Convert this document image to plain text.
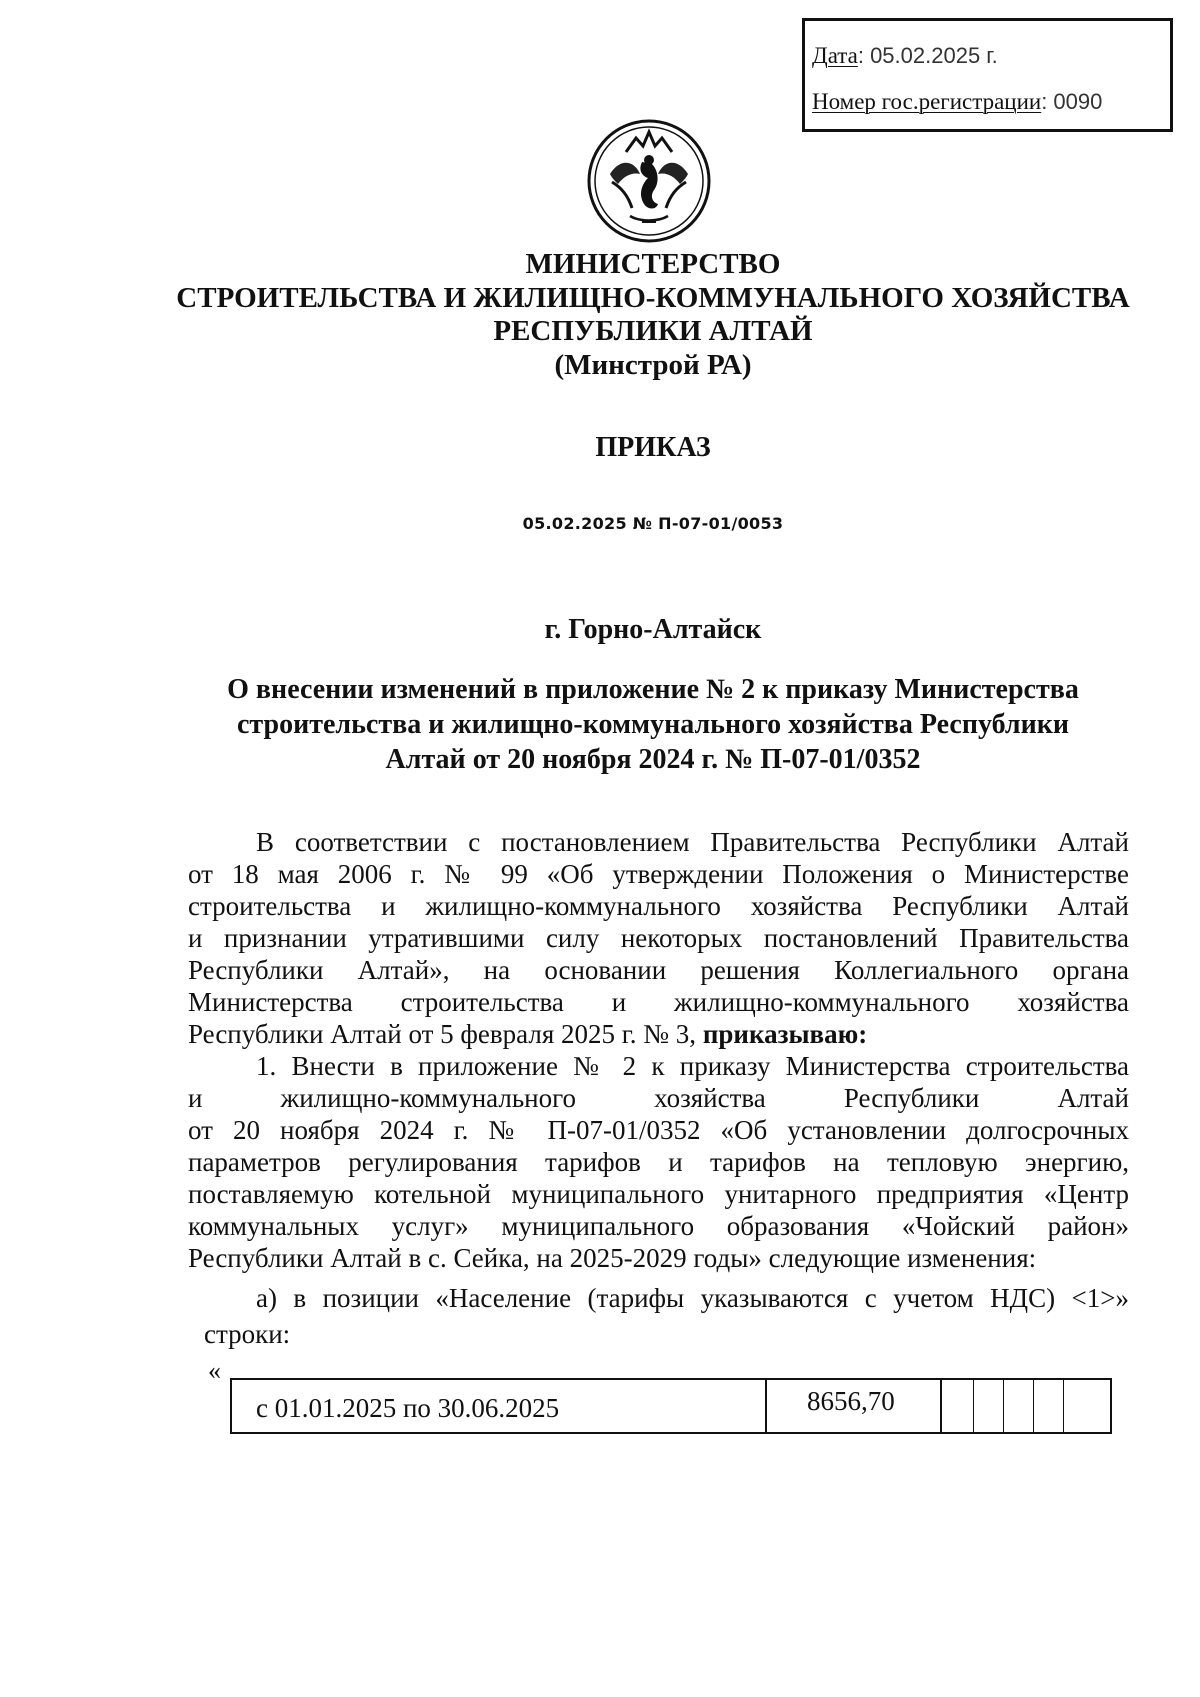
Дата: 05.02.2025 г.
Номер гос.регистрации: 0090
МИНИСТЕРСТВО
СТРОИТЕЛЬСТВА И ЖИЛИЩНО-КОММУНАЛЬНОГО ХОЗЯЙСТВА
РЕСПУБЛИКИ АЛТАЙ
(Минстрой РА)
ПРИКАЗ
05.02.2025 № П-07-01/0053
г. Горно-Алтайск
О внесении изменений в приложение № 2 к приказу Министерства
строительства и жилищно-коммунального хозяйства Республики
Алтай от 20 ноября 2024 г. № П-07-01/0352
В соответствии с постановлением Правительства Республики Алтай
от 18 мая 2006 г. № 99 «Об утверждении Положения о Министерстве
строительства и жилищно-коммунального хозяйства Республики Алтай
и признании утратившими силу некоторых постановлений Правительства
Республики Алтай», на основании решения Коллегиального органа
Министерства строительства и жилищно-коммунального хозяйства
Республики Алтай от 5 февраля 2025 г. № 3, приказываю:
1. Внести в приложение № 2 к приказу Министерства строительства
и жилищно-коммунального хозяйства Республики Алтай
от 20 ноября 2024 г. № П-07-01/0352 «Об установлении долгосрочных
параметров регулирования тарифов и тарифов на тепловую энергию,
поставляемую котельной муниципального унитарного предприятия «Центр
коммунальных услуг» муниципального образования «Чойский район»
Республики Алтай в с. Сейка, на 2025-2029 годы» следующие изменения:
а) в позиции «Население (тарифы указываются с учетом НДС) <1>»
строки:
«
с 01.01.2025 по 30.06.2025	8656,70
